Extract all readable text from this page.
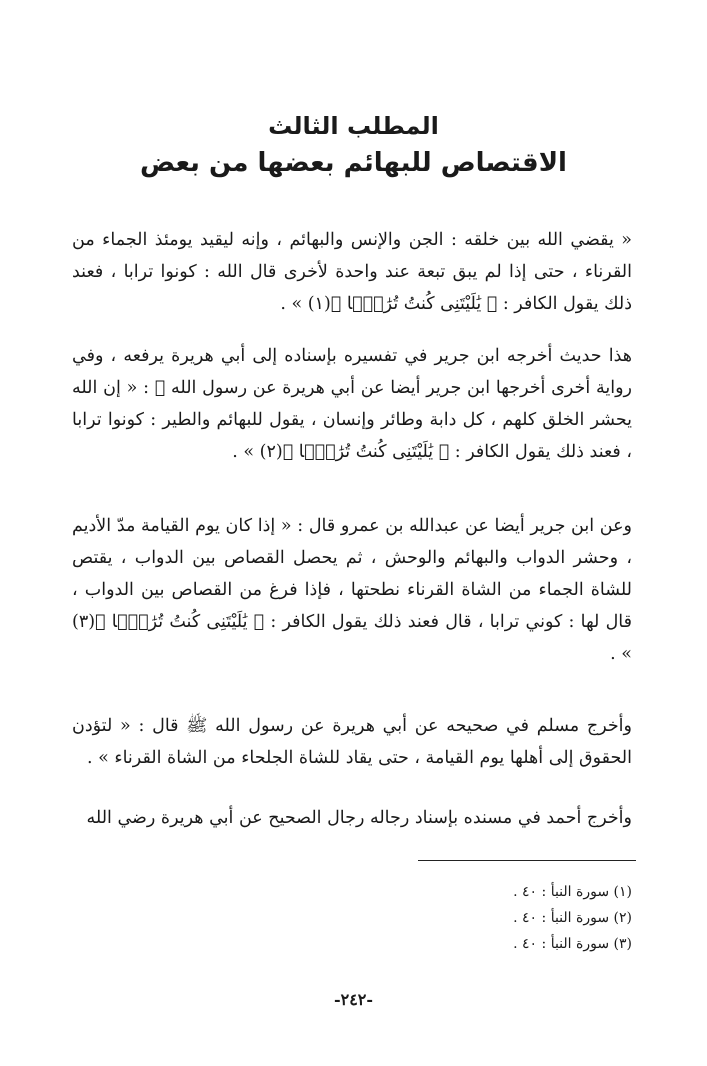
المطلب الثالث
الاقتصاص للبهائم بعضها من بعض

« يقضي الله بين خلقه : الجن والإنس والبهائم ، وإنه ليقيد يومئذ الجماء من القرناء ، حتى إذا لم يبق تبعة عند واحدة لأخرى قال الله : كونوا ترابا ، فعند ذلك يقول الكافر : ﴿ يَٰلَيْتَنِى كُنتُ تُرَٰبًۢا ﴾(١) » .

هذا حديث أخرجه ابن جرير في تفسيره بإسناده إلى أبي هريرة يرفعه ، وفي رواية أخرى أخرجها ابن جرير أيضا عن أبي هريرة عن رسول الله ﷺ : « إن الله يحشر الخلق كلهم ، كل دابة وطائر وإنسان ، يقول للبهائم والطير : كونوا ترابا ، فعند ذلك يقول الكافر : ﴿ يَٰلَيْتَنِى كُنتُ تُرَٰبًۢا ﴾(٢) » .

وعن ابن جرير أيضا عن عبدالله بن عمرو قال : « إذا كان يوم القيامة مدّ الأديم ، وحشر الدواب والبهائم والوحش ، ثم يحصل القصاص بين الدواب ، يقتص للشاة الجماء من الشاة القرناء نطحتها ، فإذا فرغ من القصاص بين الدواب ، قال لها : كوني ترابا ، قال فعند ذلك يقول الكافر : ﴿ يَٰلَيْتَنِى كُنتُ تُرَٰبًۢا ﴾(٣) » .

وأخرج مسلم في صحيحه عن أبي هريرة عن رسول الله ﷺ قال : « لتؤدن الحقوق إلى أهلها يوم القيامة ، حتى يقاد للشاة الجلحاء من الشاة القرناء » .

وأخرج أحمد في مسنده بإسناد رجاله رجال الصحيح عن أبي هريرة رضي الله

(١) سورة النبأ : ٤٠ .
(٢) سورة النبأ : ٤٠ .
(٣) سورة النبأ : ٤٠ .
-٢٤٢-
